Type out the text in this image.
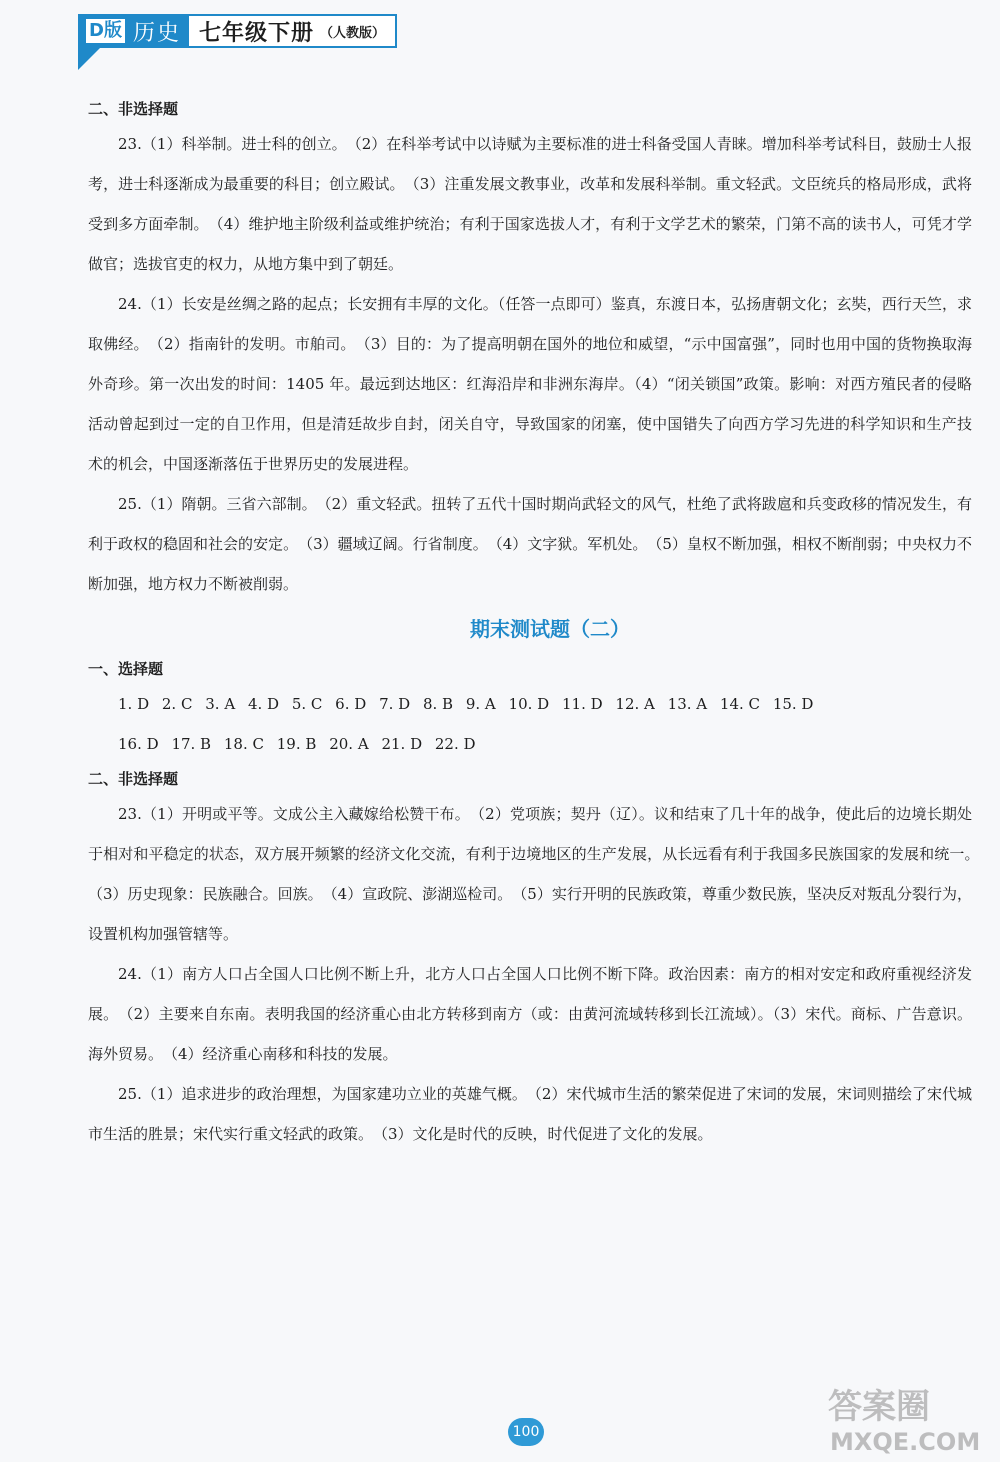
D版 历史 七年级下册 （人教版）
二、非选择题

23.（1）科举制。进士科的创立。　（2）在科举考试中以诗赋为主要标准的进士科备受国人青睐。增加科举考试科目，鼓励士人报考，进士科逐渐成为最重要的科目；创立殿试。　（3）注重发展文教事业，改革和发展科举制。重文轻武。文臣统兵的格局形成，武将受到多方面牵制。　（4）维护地主阶级利益或维护统治；有利于国家选拔人才，有利于文学艺术的繁荣，门第不高的读书人，可凭才学做官；选拔官吏的权力，从地方集中到了朝廷。

24.（1）长安是丝绸之路的起点；长安拥有丰厚的文化。（任答一点即可）鉴真，东渡日本，弘扬唐朝文化；玄奘，西行天竺，求取佛经。　（2）指南针的发明。市舶司。　（3）目的：为了提高明朝在国外的地位和威望，“示中国富强”，同时也用中国的货物换取海外奇珍。第一次出发的时间：1405 年。最远到达地区：红海沿岸和非洲东海岸。（4）“闭关锁国”政策。影响：对西方殖民者的侵略活动曾起到过一定的自卫作用，但是清廷故步自封，闭关自守，导致国家的闭塞，使中国错失了向西方学习先进的科学知识和生产技术的机会，中国逐渐落伍于世界历史的发展进程。

25.（1）隋朝。三省六部制。　（2）重文轻武。扭转了五代十国时期尚武轻文的风气，杜绝了武将跋扈和兵变政移的情况发生，有利于政权的稳固和社会的安定。　（3）疆域辽阔。行省制度。　（4）文字狱。军机处。　（5）皇权不断加强，相权不断削弱；中央权力不断加强，地方权力不断被削弱。

期末测试题（二）
一、选择题

1. D 2. C 3. A 4. D 5. C 6. D 7. D 8. B 9. A 10. D 11. D 12. A 13. A 14. C 15. D

16. D 17. B 18. C 19. B 20. A 21. D 22. D

二、非选择题

23.（1）开明或平等。文成公主入藏嫁给松赞干布。　（2）党项族；契丹（辽）。议和结束了几十年的战争，使此后的边境长期处于相对和平稳定的状态，双方展开频繁的经济文化交流，有利于边境地区的生产发展，从长远看有利于我国多民族国家的发展和统一。　（3）历史现象：民族融合。回族。　（4）宣政院、澎湖巡检司。　（5）实行开明的民族政策，尊重少数民族，坚决反对叛乱分裂行为，设置机构加强管辖等。

24.（1）南方人口占全国人口比例不断上升，北方人口占全国人口比例不断下降。政治因素：南方的相对安定和政府重视经济发展。　（2）主要来自东南。表明我国的经济重心由北方转移到南方（或：由黄河流域转移到长江流域）。（3）宋代。商标、广告意识。海外贸易。　（4）经济重心南移和科技的发展。

25.（1）追求进步的政治理想，为国家建功立业的英雄气概。　（2）宋代城市生活的繁荣促进了宋词的发展，宋词则描绘了宋代城市生活的胜景；宋代实行重文轻武的政策。　（3）文化是时代的反映，时代促进了文化的发展。

100
答案圈
MXQE.COM
